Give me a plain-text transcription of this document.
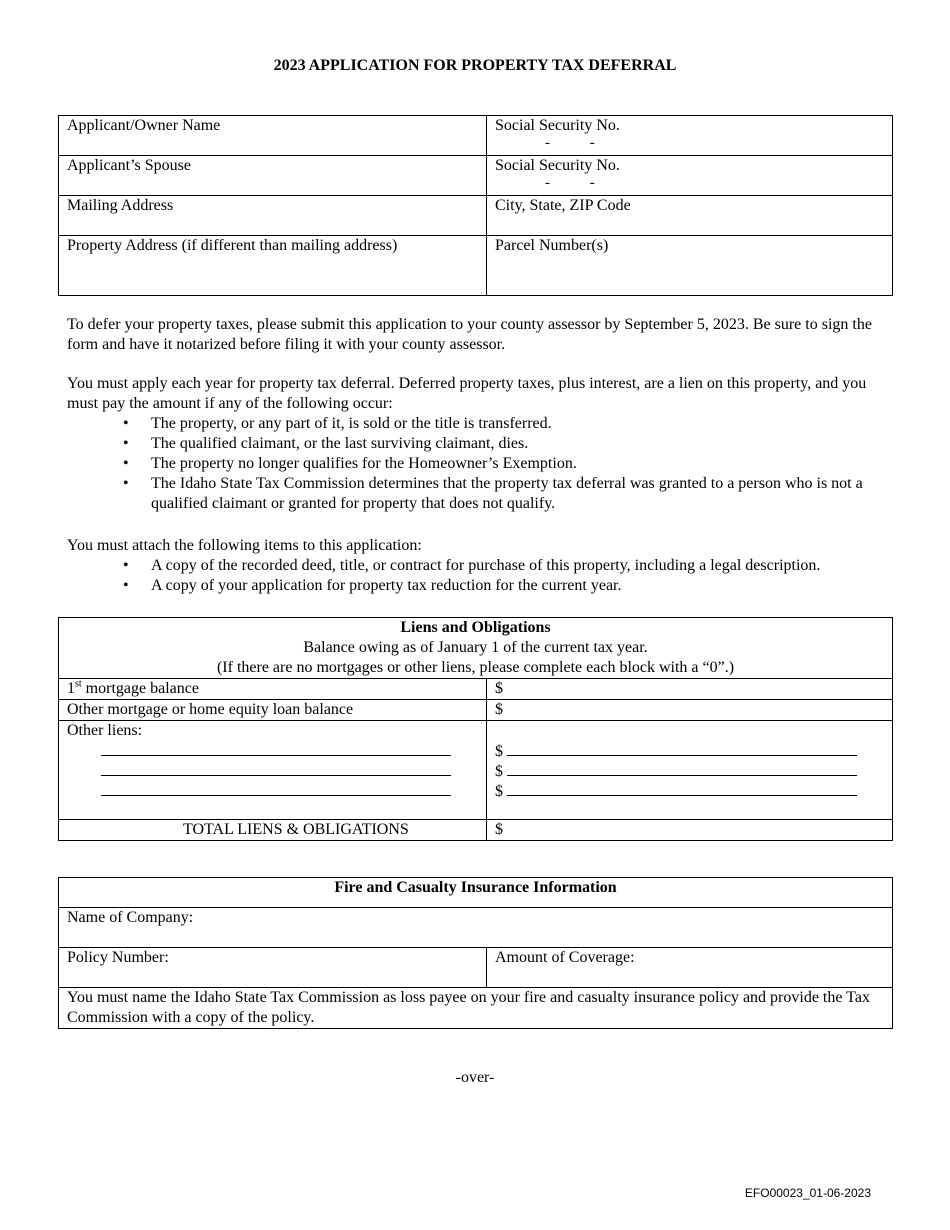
2023 APPLICATION FOR PROPERTY TAX DEFERRAL
Applicant/Owner Name	Social Security No.
- -

Applicant’s Spouse	Social Security No.
- -

Mailing Address	City, State, ZIP Code
Property Address (if different than mailing address)	Parcel Number(s)
To defer your property taxes, please submit this application to your county assessor by September 5, 2023. Be sure to sign the form and have it notarized before filing it with your county assessor.
You must apply each year for property tax deferral. Deferred property taxes, plus interest, are a lien on this property, and you must pay the amount if any of the following occur:
• The property, or any part of it, is sold or the title is transferred.
• The qualified claimant, or the last surviving claimant, dies.
• The property no longer qualifies for the Homeowner’s Exemption.
• The Idaho State Tax Commission determines that the property tax deferral was granted to a person who is not a qualified claimant or granted for property that does not qualify.
You must attach the following items to this application:
• A copy of the recorded deed, title, or contract for purchase of this property, including a legal description.
• A copy of your application for property tax reduction for the current year.
Liens and Obligations
Balance owing as of January 1 of the current tax year.
(If there are no mortgages or other liens, please complete each block with a “0”.)	

1st mortgage balance	$
Other mortgage or home equity loan balance	$

Other liens:	$
$
$

TOTAL LIENS & OBLIGATIONS	$
Fire and Casualty Insurance Information
Name of Company:
Policy Number:	Amount of Coverage:
You must name the Idaho State Tax Commission as loss payee on your fire and casualty insurance policy and provide the Tax Commission with a copy of the policy.
-over-
EFO00023_01-06-2023
